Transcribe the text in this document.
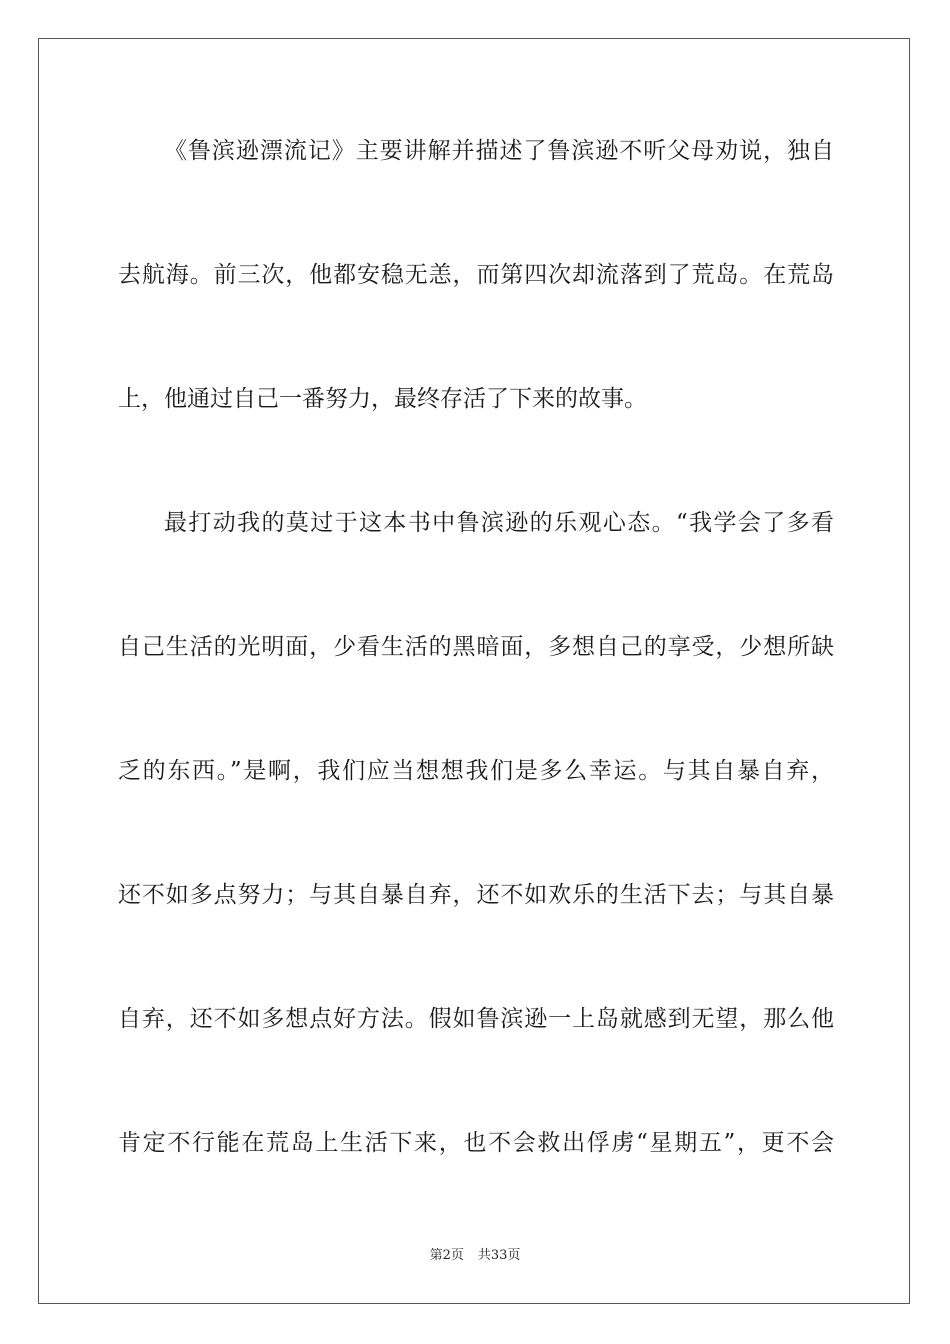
《鲁滨逊漂流记》主要讲解并描述了鲁滨逊不听父母劝说，独自
去航海。前三次，他都安稳无恙，而第四次却流落到了荒岛。在荒岛
上，他通过自己一番努力，最终存活了下来的故事。
最打动我的莫过于这本书中鲁滨逊的乐观心态。“我学会了多看
自己生活的光明面，少看生活的黑暗面，多想自己的享受，少想所缺
乏的东西。”是啊，我们应当想想我们是多么幸运。与其自暴自弃，
还不如多点努力；与其自暴自弃，还不如欢乐的生活下去；与其自暴
自弃，还不如多想点好方法。假如鲁滨逊一上岛就感到无望，那么他
肯定不行能在荒岛上生活下来，也不会救出俘虏“星期五”，更不会
第2页 共33页
